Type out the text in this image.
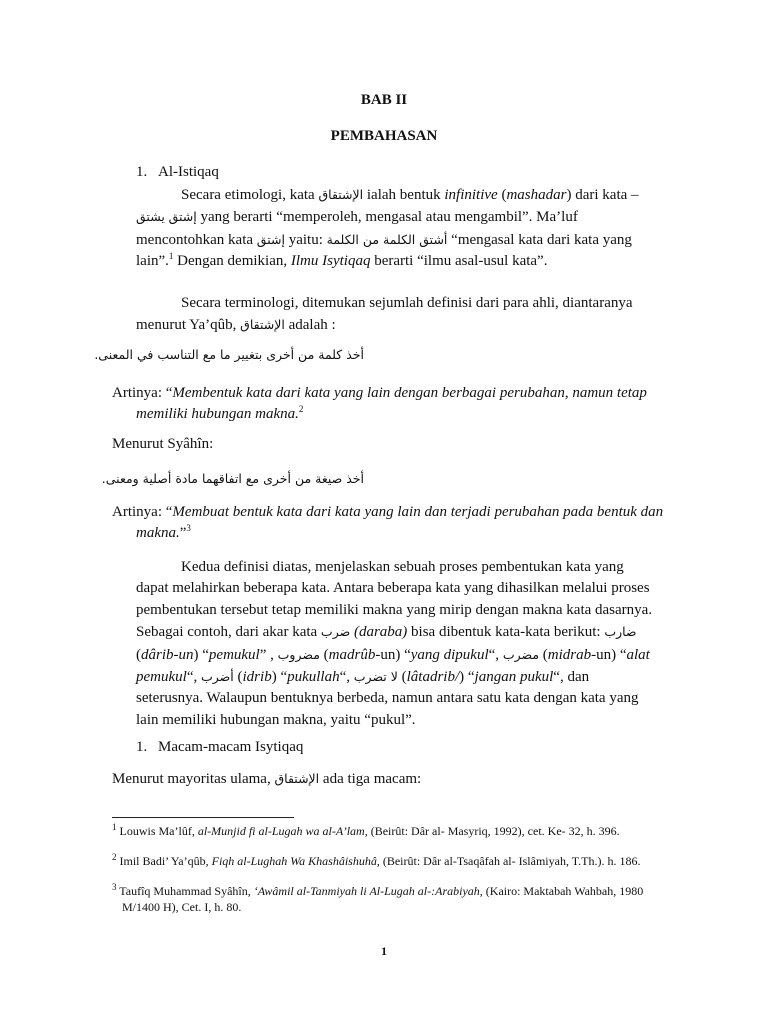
BAB II
PEMBAHASAN
1. Al-Istiqaq
Secara etimologi, kata الإشتقاق ialah bentuk infinitive (mashadar) dari kata – إشتق يشتق yang berarti “memperoleh, mengasal atau mengambil”. Ma’luf mencontohkan kata إشتق yaitu: أشتق الكلمة من الكلمة “mengasal kata dari kata yang lain”.$^1$ Dengan demikian, Ilmu Isytiqaq berarti “ilmu asal-usul kata”.
Secara terminologi, ditemukan sejumlah definisi dari para ahli, diantaranya menurut Ya’qûb, الإشتقاق adalah :
أخذ كلمة من أخرى بتغيير ما مع التناسب في المعنى.
Artinya: “Membentuk kata dari kata yang lain dengan berbagai perubahan, namun tetap memiliki hubungan makna.$^2$
Menurut Syâhîn:
أخذ صيغة من أخرى مع اتفاقهما مادة أصلية ومعنى.
Artinya: “Membuat bentuk kata dari kata yang lain dan terjadi perubahan pada bentuk dan makna.”$^3$
Kedua definisi diatas, menjelaskan sebuah proses pembentukan kata yang dapat melahirkan beberapa kata. Antara beberapa kata yang dihasilkan melalui proses pembentukan tersebut tetap memiliki makna yang mirip dengan makna kata dasarnya. Sebagai contoh, dari akar kata ضرب (daraba) bisa dibentuk kata-kata berikut: ضارب (dârib-un) “pemukul” , مضروب (madrûb-un) “yang dipukul“, مضرب (midrab-un) “alat pemukul“, أضرب (idrib) “pukullah“, لا تضرب (lâtadrib/) “jangan pukul“, dan seterusnya. Walaupun bentuknya berbeda, namun antara satu kata dengan kata yang lain memiliki hubungan makna, yaitu “pukul”.
1. Macam-macam Isytiqaq
Menurut mayoritas ulama, الإشتقاق ada tiga macam:
$^1$ Louwis Ma’lûf, al-Munjid fi al-Lugah wa al-A’lam, (Beirût: Dâr al- Masyriq, 1992), cet. Ke- 32, h. 396.
$^2$ Imil Badi’ Ya’qûb, Fiqh al-Lughah Wa Khashâishuhâ, (Beirût: Dâr al-Tsaqâfah al- Islâmiyah, T.Th.). h. 186.
$^3$ Taufîq Muhammad Syâhîn, ‘Awâmil al-Tanmiyah li Al-Lugah al-:Arabiyah, (Kairo: Maktabah Wahbah, 1980 M/1400 H), Cet. I, h. 80.
1
